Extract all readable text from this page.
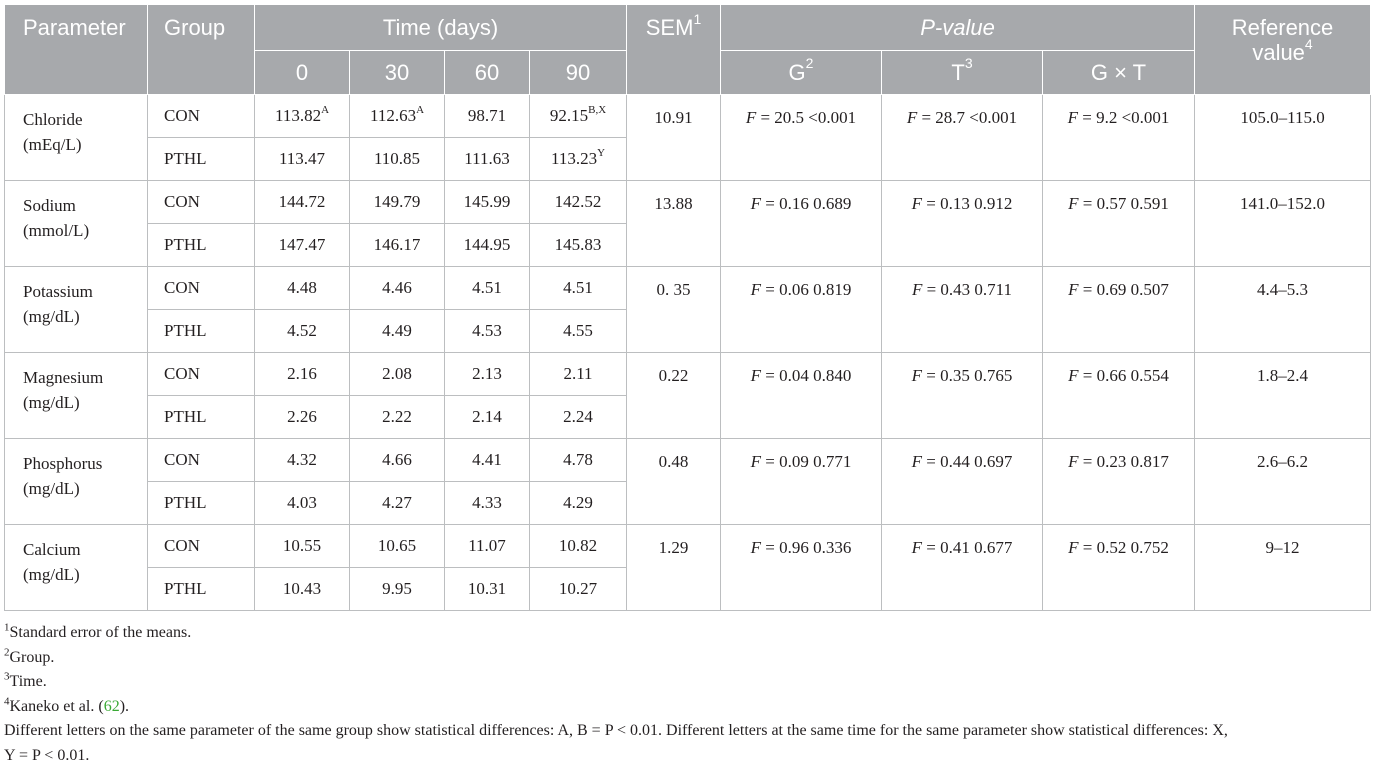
Parameter	Group	Time (days)				SEM$^1$	P-value			Reference
value$^4$
		0	30	60	90		$G^2$	$T^3$	G × T	
Chloride
(mEq/L)	CON	$113.82^A$	$112.63^A$	98.71	$92.15^{B,X}$	10.91	F = 20.5 <0.001	F = 28.7 <0.001	F = 9.2 <0.001	105.0–115.0
	PTHL	113.47	110.85	111.63	$113.23^Y$
Sodium
(mmol/L)	CON	144.72	149.79	145.99	142.52	13.88	F = 0.16 0.689	F = 0.13 0.912	F = 0.57 0.591	141.0–152.0
	PTHL	147.47	146.17	144.95	145.83					
Potassium
(mg/dL)	CON	4.48	4.46	4.51	4.51	0. 35	F = 0.06 0.819	F = 0.43 0.711	F = 0.69 0.507	4.4–5.3
	PTHL	4.52	4.49	4.53	4.55					
Magnesium
(mg/dL)	CON	2.16	2.08	2.13	2.11	0.22	F = 0.04 0.840	F = 0.35 0.765	F = 0.66 0.554	1.8–2.4
	PTHL	2.26	2.22	2.14	2.24					
Phosphorus
(mg/dL)	CON	4.32	4.66	4.41	4.78	0.48	F = 0.09 0.771	F = 0.44 0.697	F = 0.23 0.817	2.6–6.2
	PTHL	4.03	4.27	4.33	4.29					
Calcium
(mg/dL)	CON	10.55	10.65	11.07	10.82	1.29	F = 0.96 0.336	F = 0.41 0.677	F = 0.52 0.752	9–12
	PTHL	10.43	9.95	10.31	10.27					
$^1$Standard error of the means.
$^2$Group.
$^3$Time.
$^4$Kaneko et al. (62).
Different letters on the same parameter of the same group show statistical differences: A, B = P < 0.01. Different letters at the same time for the same parameter show statistical differences: X,
Y = P < 0.01.
